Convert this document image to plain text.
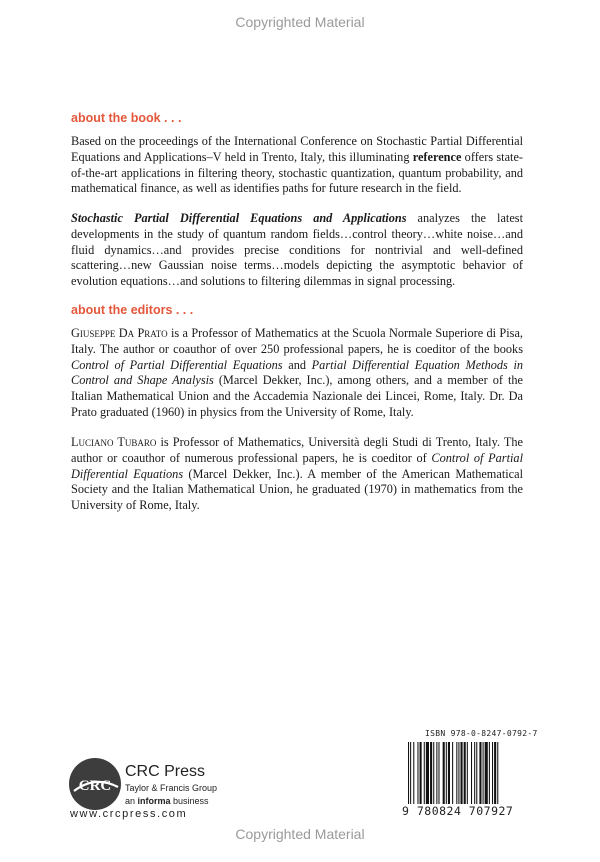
Copyrighted Material
about the book . . .

Based on the proceedings of the International Conference on Stochastic Partial Differential Equations and Applications–V held in Trento, Italy, this illuminating reference offers state-of-the-art applications in filtering theory, stochastic quantization, quantum probability, and mathematical finance, as well as identifies paths for future research in the field.

Stochastic Partial Differential Equations and Applications analyzes the latest developments in the study of quantum random fields…control theory…white noise…and fluid dynamics…and provides precise conditions for nontrivial and well-defined scattering…new Gaussian noise terms…models depicting the asymptotic behavior of evolution equations…and solutions to filtering dilemmas in signal processing.

about the editors . . .

Giuseppe Da Prato is a Professor of Mathematics at the Scuola Normale Superiore di Pisa, Italy. The author or coauthor of over 250 professional papers, he is coeditor of the books Control of Partial Differential Equations and Partial Differential Equation Methods in Control and Shape Analysis (Marcel Dekker, Inc.), among others, and a member of the Italian Mathematical Union and the Accademia Nazionale dei Lincei, Rome, Italy. Dr. Da Prato graduated (1960) in physics from the University of Rome, Italy.

Luciano Tubaro is Professor of Mathematics, Università degli Studi di Trento, Italy. The author or coauthor of numerous professional papers, he is coeditor of Control of Partial Differential Equations (Marcel Dekker, Inc.). A member of the American Mathematical Society and the Italian Mathematical Union, he graduated (1970) in mathematics from the University of Rome, Italy.

CRC
CRC Press
Taylor & Francis Group
an informa business
www.crcpress.com
ISBN 978-0-8247-0792-7
9 780824 707927
Copyrighted Material
